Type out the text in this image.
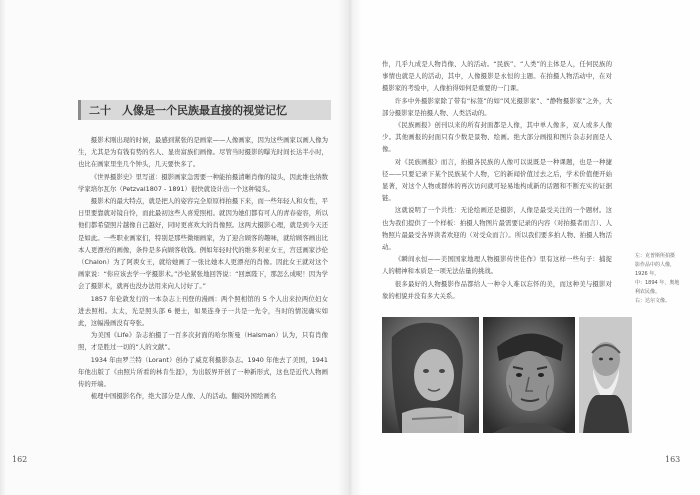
二十　人像是一个民族最直接的视觉记忆

摄影术刚出现的时候，最感到紧张的是画家——人像画家，因为这些画家以画人像为生，尤其是为有钱有势的名人、显贵富族们画像。尽管当时摄影的曝光时间长达半小时，也比在画家里坐几个钟头，几天要快多了。

《世界摄影史》里写道：摄影画家急需要一种能拍摄清晰肖像的镜头，因此维也纳数学家培尔瓦尔（Petzval1807 - 1891）很快就设计出一个这种镜头。

摄影术的最大特点，就是把人的姿容完全原原样拍摄下来，而一些年轻人和女性，平日里要靠就对镜自怜，而此最初这些人喜爱照相。就因为她们都有可人的青春姿容，所以他们都希望照片越像自己越好，同时更喜欢大的肖像照。这两大摄影心理，就是到今天还是如此。一些职业画家们，特别是那些微细画家，为了迎合顾客的趣味，就给顾客画出比本人更漂亮的画像，条件是多向顾客收钱。例如年轻时代的维多利亚女王，宫廷画家沙伦（Chalon）为了阿谀女王，就给她画了一张比她本人更漂亮的肖像。因此女王就对这个画家说：“你应该去学一学摄影术。”沙伦紧张地回答说：“回禀陛下，那怎么成呢！因为学会了摄影术，就再也没办法用来向人讨好了。”

1857 年伦敦发行的一本杂志上刊登的漫画：两个照相馆的 5 个人出来拉两位妇女进去照相。太太，光是照头部 6 便士，如果连身子一共是一先令，当时的情况确实如此，这幅漫画没有夸张。

为美国《Life》杂志拍摄了一百多次封面的哈尔斯曼（Halsman）认为，只有肖像照，才是胜过一切的“人的文献”。

1934 年由罗兰特（Lorant）创办了威克利摄影杂志。1940 年他去了美国，1941 年他出版了《由照片所看的林肯生涯》，为出版界开创了一种新形式，这也是近代人物画传的开端。

梳理中国摄影名作，绝大部分是人像、人的活动。翻阅外国绘画名

162

作，几乎九成是人物肖像、人的活动。“民族”、“人类”的主体是人，任何民族的事情也就是人的活动，其中，人像摄影是永恒的主题。在拍摄人物活动中，在对摄影家的考验中，人像拍得如何是重要的一门课。

许多中外摄影家除了带有“标签”的如“风光摄影家”、“静物摄影家”之外，大部分摄影家是拍摄人物、人类活动的。

《民族画报》创刊以来的所有封面都是人像，其中单人像多，双人或多人像少。其他画报的封面只有少数是景物、绘画。绝大部分画报和图片杂志封面是人像。

对《民族画报》而言，拍摄各民族的人像可以说既是一种课题，也是一种捷径——只要记录下某个民族某个人物，它的新闻价值过去之后，学术价值便开始显著，对这个人物或群体的再次访问就可轻易地构成新的话题和不断充实的证据链。

这就说明了一个共性：无论绘画还是摄影，人像是最受关注的一个题材。这也为我们提供了一个样板：拍摄人物图片最需要记录的内容（对拍摄者而言）、人物照片最最受各界读者欢迎的（对受众而言）。所以我们要多拍人物、拍摄人物活动。

《瞬间永恒——美国国家地理人物摄影传世佳作》里有这样一些句子：捕捉人的精神和本质是一项无法估量的挑战。

很多最好的人物摄影作品都给人一种令人难以忘怀的美，而这种美与摄影对象的相貌并没有多大关系。

左：克普斯所拍摄
影作品中的人像，
1926 年。
中：1894 年，奥地
利农民像。
右：达尔文像。
163
